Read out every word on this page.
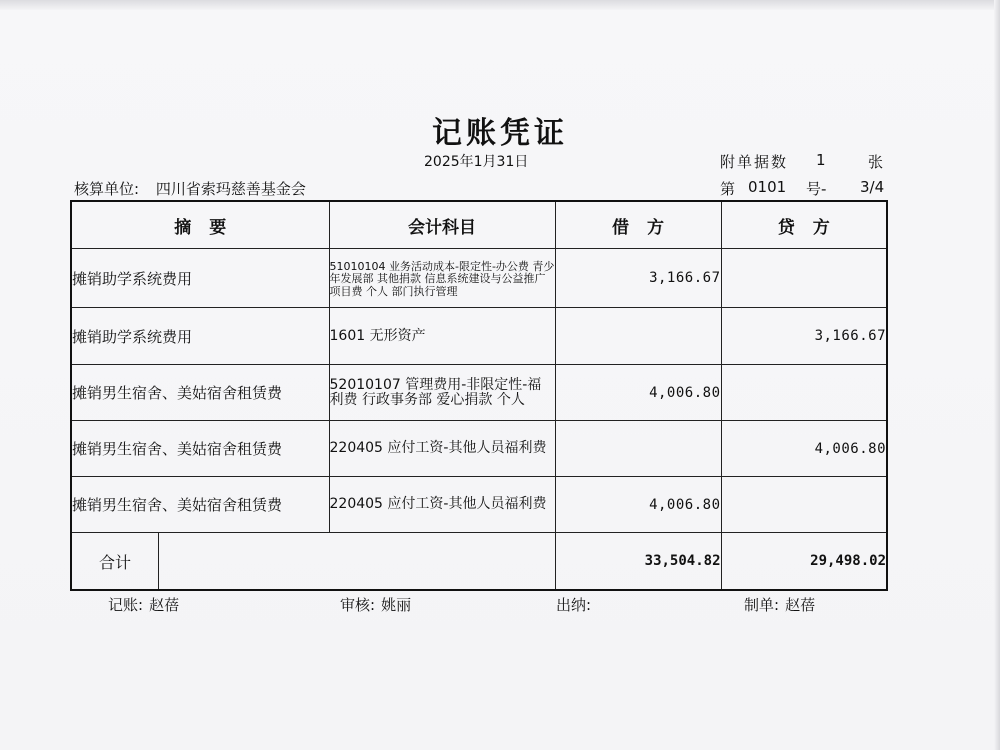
记账凭证
2025年1月31日	附单据数 1	张
核算单位: 四川省索玛慈善基金会	第 0101 号- 3/4
摘要	会计科目	借方	贷方
摊销助学系统费用	51010104 业务活动成本-限定性-办公费 青少年发展部 其他捐款 信息系统建设与公益推广 项目费 个人 部门执行管理	3,166.67	
摊销助学系统费用	1601 无形资产		3,166.67
摊销男生宿舍、美姑宿舍租赁费	52010107 管理费用-非限定性-福利费 行政事务部 爱心捐款 个人	4,006.80	
摊销男生宿舍、美姑宿舍租赁费	220405 应付工资-其他人员福利费		4,006.80
摊销男生宿舍、美姑宿舍租赁费	220405 应付工资-其他人员福利费	4,006.80	

合计		33,504.82	29,498.02
记账: 赵蓓	审核: 姚丽	出纳:	制单: 赵蓓
